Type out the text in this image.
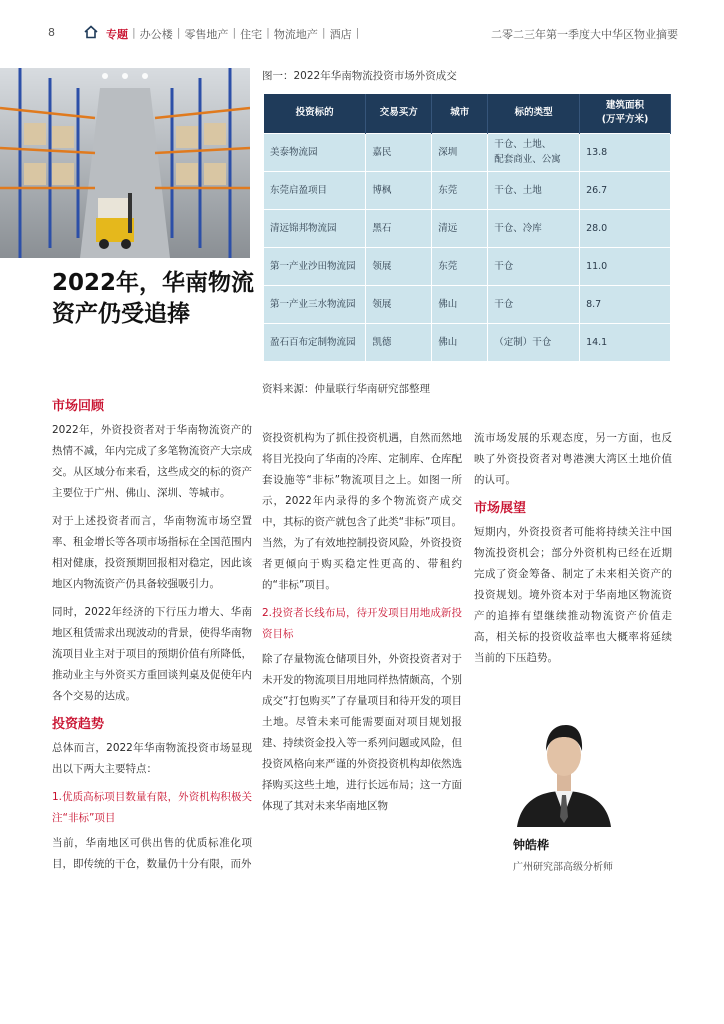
8	专题 | 办公楼 | 零售地产 | 住宅 | 物流地产 | 酒店 |	二零二三年第一季度大中华区物业摘要
2022年，华南物流资产仍受追捧
图一：2022年华南物流投资市场外资成交
投资标的	交易买方	城市	标的类型	建筑面积
(万平方米)
美泰物流园	嘉民	深圳	干仓、土地、
配套商业、公寓	13.8
东莞启盈项目	博枫	东莞	干仓、土地	26.7
清远锦邦物流园	黑石	清远	干仓、冷库	28.0
第一产业沙田物流园	领展	东莞	干仓	11.0
第一产业三水物流园	领展	佛山	干仓	8.7
盈石百布定制物流园	凯德	佛山	（定制）干仓	14.1
资料来源：仲量联行华南研究部整理
市场回顾
2022年，外资投资者对于华南物流资产的热情不减，年内完成了多笔物流资产大宗成交。从区域分布来看，这些成交的标的资产主要位于广州、佛山、深圳、等城市。
对于上述投资者而言，华南物流市场空置率、租金增长等各项市场指标在全国范围内相对健康，投资预期回报相对稳定，因此该地区内物流资产仍具备较强吸引力。
同时，2022年经济的下行压力增大、华南地区租赁需求出现波动的背景，使得华南物流项目业主对于项目的预期价值有所降低，推动业主与外资买方重回谈判桌及促使年内各个交易的达成。
投资趋势
总体而言，2022年华南物流投资市场显现出以下两大主要特点：
1.优质高标项目数量有限，外资机构积极关注“非标”项目
当前，华南地区可供出售的优质标准化项目，即传统的干仓，数量仍十分有限，而外
资投资机构为了抓住投资机遇，自然而然地将目光投向了华南的冷库、定制库、仓库配套设施等“非标”物流项目之上。如图一所示，2022年内录得的多个物流资产成交中，其标的资产就包含了此类“非标”项目。当然，为了有效地控制投资风险，外资投资者更倾向于购买稳定性更高的、带租约的“非标”项目。
2.投资者长线布局，待开发项目用地成新投资目标
除了存量物流仓储项目外，外资投资者对于未开发的物流项目用地同样热情颇高，个别成交“打包购买”了存量项目和待开发的项目土地。尽管未来可能需要面对项目规划报建、持续资金投入等一系列问题或风险，但投资风格向来严谨的外资投资机构却依然选择购买这些土地，进行长远布局；这一方面体现了其对未来华南地区物
流市场发展的乐观态度，另一方面，也反映了外资投资者对粤港澳大湾区土地价值的认可。
市场展望
短期内，外资投资者可能将持续关注中国物流投资机会；部分外资机构已经在近期完成了资金筹备、制定了未来相关资产的投资规划。境外资本对于华南地区物流资产的追捧有望继续推动物流资产价值走高，相关标的投资收益率也大概率将延续当前的下压趋势。
钟皓桦
广州研究部高级分析师
